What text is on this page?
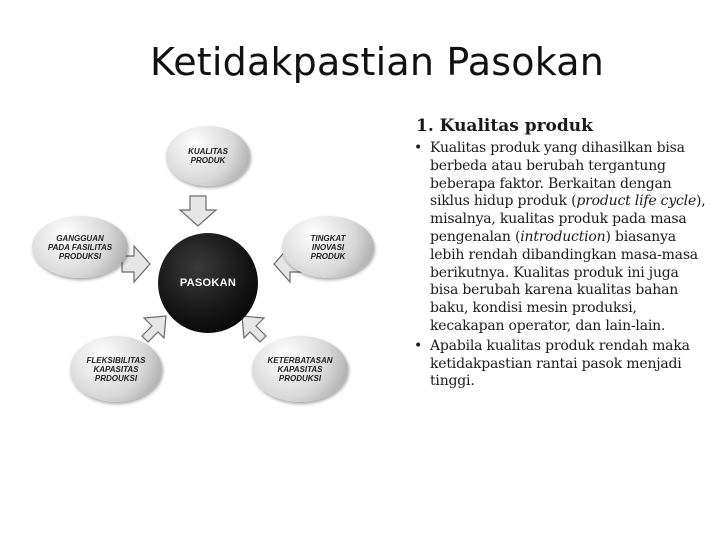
Ketidakpastian Pasokan
KUALITAS
PRODUK
TINGKAT
INOVASI
PRODUK
GANGGUAN
PADA FASILITAS
PRODUKSI
FLEKSIBILITAS
KAPASITAS
PRDOUKSI
KETERBATASAN
KAPASITAS
PRODUKSI
PASOKAN
1. Kualitas produk
• Kualitas produk yang dihasilkan bisa berbeda atau berubah tergantung beberapa faktor. Berkaitan dengan siklus hidup produk (product life cycle), misalnya, kualitas produk pada masa pengenalan (introduction) biasanya lebih rendah dibandingkan masa-masa berikutnya. Kualitas produk ini juga bisa berubah karena kualitas bahan baku, kondisi mesin produksi, kecakapan operator, dan lain-lain.
• Apabila kualitas produk rendah maka ketidakpastian rantai pasok menjadi tinggi.
